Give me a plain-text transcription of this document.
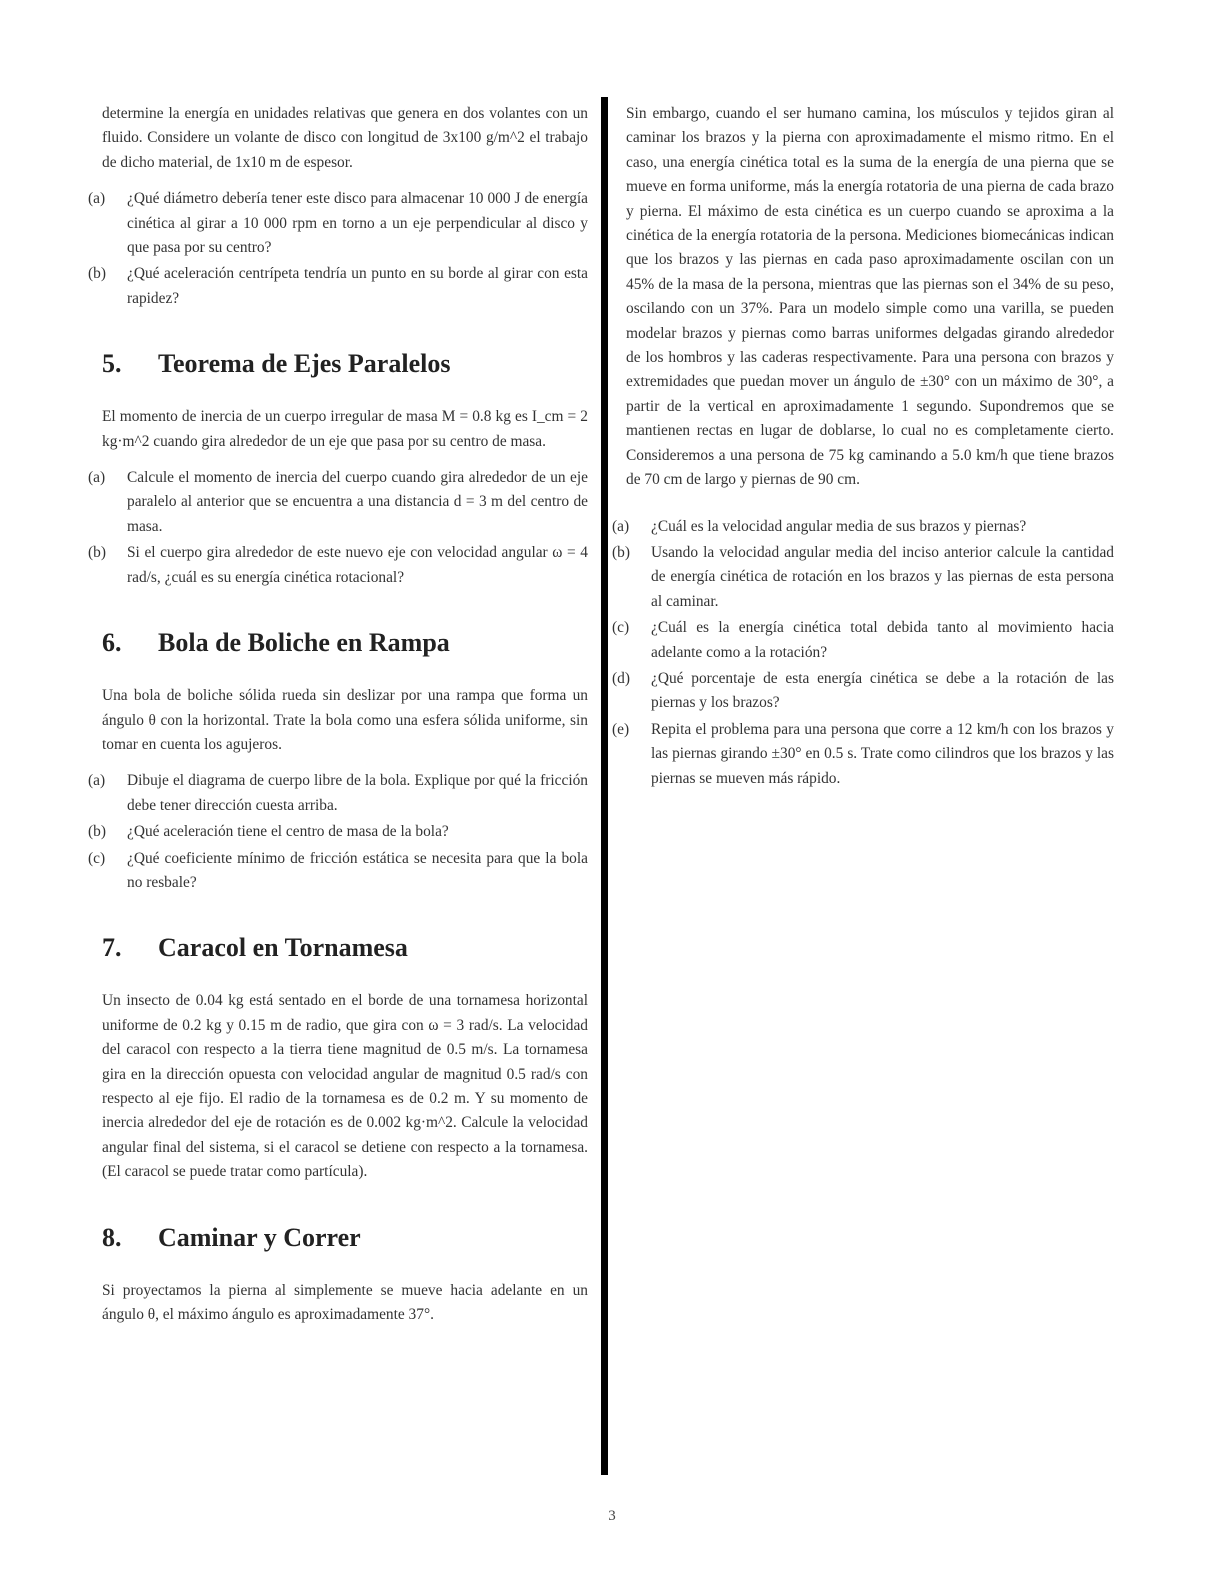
determine la energía en unidades relativas que genera en dos volantes con un fluido. Considere un volante de disco con longitud de 3x100 g/m^2 el trabajo de dicho material, de 1x10 m de espesor.

(a)	¿Qué diámetro debería tener este disco para almacenar 10 000 J de energía cinética al girar a 10 000 rpm en torno a un eje perpendicular al disco y que pasa por su centro?
(b)	¿Qué aceleración centrípeta tendría un punto en su borde al girar con esta rapidez?
5.	Teorema de Ejes Paralelos

El momento de inercia de un cuerpo irregular de masa M = 0.8 kg es I_cm = 2 kg·m^2 cuando gira alrededor de un eje que pasa por su centro de masa.

(a)	Calcule el momento de inercia del cuerpo cuando gira alrededor de un eje paralelo al anterior que se encuentra a una distancia d = 3 m del centro de masa.
(b)	Si el cuerpo gira alrededor de este nuevo eje con velocidad angular ω = 4 rad/s, ¿cuál es su energía cinética rotacional?
6.	Bola de Boliche en Rampa

Una bola de boliche sólida rueda sin deslizar por una rampa que forma un ángulo θ con la horizontal. Trate la bola como una esfera sólida uniforme, sin tomar en cuenta los agujeros.

(a)	Dibuje el diagrama de cuerpo libre de la bola. Explique por qué la fricción debe tener dirección cuesta arriba.
(b)	¿Qué aceleración tiene el centro de masa de la bola?
(c)	¿Qué coeficiente mínimo de fricción estática se necesita para que la bola no resbale?
7.	Caracol en Tornamesa

Un insecto de 0.04 kg está sentado en el borde de una tornamesa horizontal uniforme de 0.2 kg y 0.15 m de radio, que gira con ω = 3 rad/s. La velocidad del caracol con respecto a la tierra tiene magnitud de 0.5 m/s. La tornamesa gira en la dirección opuesta con velocidad angular de magnitud 0.5 rad/s con respecto al eje fijo. El radio de la tornamesa es de 0.2 m. Y su momento de inercia alrededor del eje de rotación es de 0.002 kg·m^2. Calcule la velocidad angular final del sistema, si el caracol se detiene con respecto a la tornamesa. (El caracol se puede tratar como partícula).

8.	Caminar y Correr

Si proyectamos la pierna al simplemente se mueve hacia adelante en un ángulo θ, el máximo ángulo es aproximadamente 37°.

Sin embargo, cuando el ser humano camina, los músculos y tejidos giran al caminar los brazos y la pierna con aproximadamente el mismo ritmo. En el caso, una energía cinética total es la suma de la energía de una pierna que se mueve en forma uniforme, más la energía rotatoria de una pierna de cada brazo y pierna. El máximo de esta cinética es un cuerpo cuando se aproxima a la cinética de la energía rotatoria de la persona. Mediciones biomecánicas indican que los brazos y las piernas en cada paso aproximadamente oscilan con un 45% de la masa de la persona, mientras que las piernas son el 34% de su peso, oscilando con un 37%. Para un modelo simple como una varilla, se pueden modelar brazos y piernas como barras uniformes delgadas girando alrededor de los hombros y las caderas respectivamente. Para una persona con brazos y extremidades que puedan mover un ángulo de ±30° con un máximo de 30°, a partir de la vertical en aproximadamente 1 segundo. Supondremos que se mantienen rectas en lugar de doblarse, lo cual no es completamente cierto. Consideremos a una persona de 75 kg caminando a 5.0 km/h que tiene brazos de 70 cm de largo y piernas de 90 cm.

(a)	¿Cuál es la velocidad angular media de sus brazos y piernas?
(b)	Usando la velocidad angular media del inciso anterior calcule la cantidad de energía cinética de rotación en los brazos y las piernas de esta persona al caminar.
(c)	¿Cuál es la energía cinética total debida tanto al movimiento hacia adelante como a la rotación?
(d)	¿Qué porcentaje de esta energía cinética se debe a la rotación de las piernas y los brazos?
(e)	Repita el problema para una persona que corre a 12 km/h con los brazos y las piernas girando ±30° en 0.5 s. Trate como cilindros que los brazos y las piernas se mueven más rápido.
3
